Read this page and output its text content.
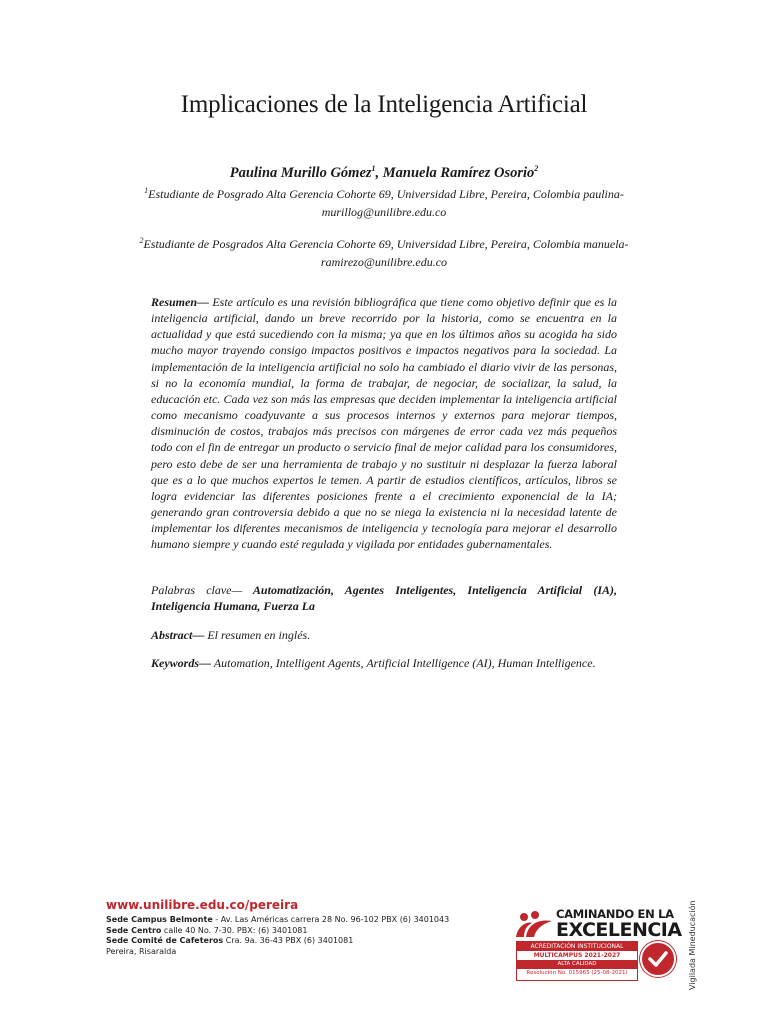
Implicaciones de la Inteligencia Artificial
Paulina Murillo Gómez$^1$, Manuela Ramírez Osorio$^2$
$^1$Estudiante de Posgrado Alta Gerencia Cohorte 69, Universidad Libre, Pereira, Colombia paulina-murillog@unilibre.edu.co
$^2$Estudiante de Posgrados Alta Gerencia Cohorte 69, Universidad Libre, Pereira, Colombia manuela-ramirezo@unilibre.edu.co
Resumen— Este artículo es una revisión bibliográfica que tiene como objetivo definir que es la inteligencia artificial, dando un breve recorrido por la historia, como se encuentra en la actualidad y que está sucediendo con la misma; ya que en los últimos años su acogida ha sido mucho mayor trayendo consigo impactos positivos e impactos negativos para la sociedad. La implementación de la inteligencia artificial no solo ha cambiado el diario vivir de las personas, si no la economía mundial, la forma de trabajar, de negociar, de socializar, la salud, la educación etc. Cada vez son más las empresas que deciden implementar la inteligencia artificial como mecanismo coadyuvante a sus procesos internos y externos para mejorar tiempos, disminución de costos, trabajos más precisos con márgenes de error cada vez más pequeños todo con el fin de entregar un producto o servicio final de mejor calidad para los consumidores, pero esto debe de ser una herramienta de trabajo y no sustituir ni desplazar la fuerza laboral que es a lo que muchos expertos le temen. A partir de estudios científicos, artículos, libros se logra evidenciar las diferentes posiciones frente a el crecimiento exponencial de la IA; generando gran controversia debido a que no se niega la existencia ni la necesidad latente de implementar los diferentes mecanismos de inteligencia y tecnología para mejorar el desarrollo humano siempre y cuando esté regulada y vigilada por entidades gubernamentales.
Palabras clave— Automatización, Agentes Inteligentes, Inteligencia Artificial (IA), Inteligencia Humana, Fuerza La
Abstract— El resumen en inglés.
Keywords— Automation, Intelligent Agents, Artificial Intelligence (AI), Human Intelligence.
www.unilibre.edu.co/pereira
Sede Campus Belmonte - Av. Las Américas carrera 28 No. 96-102 PBX (6) 3401043
Sede Centro calle 40 No. 7-30. PBX: (6) 3401081
Sede Comité de Cafeteros Cra. 9a. 36-43 PBX (6) 3401081
Pereira, Risaralda
CAMINANDO EN LA
EXCELENCIA
ACREDITACIÓN INSTITUCIONAL
MULTICAMPUS 2021-2027
ALTA CALIDAD
Resolución No. 015965 (25-08-2021)	Vigilada Mineducación
